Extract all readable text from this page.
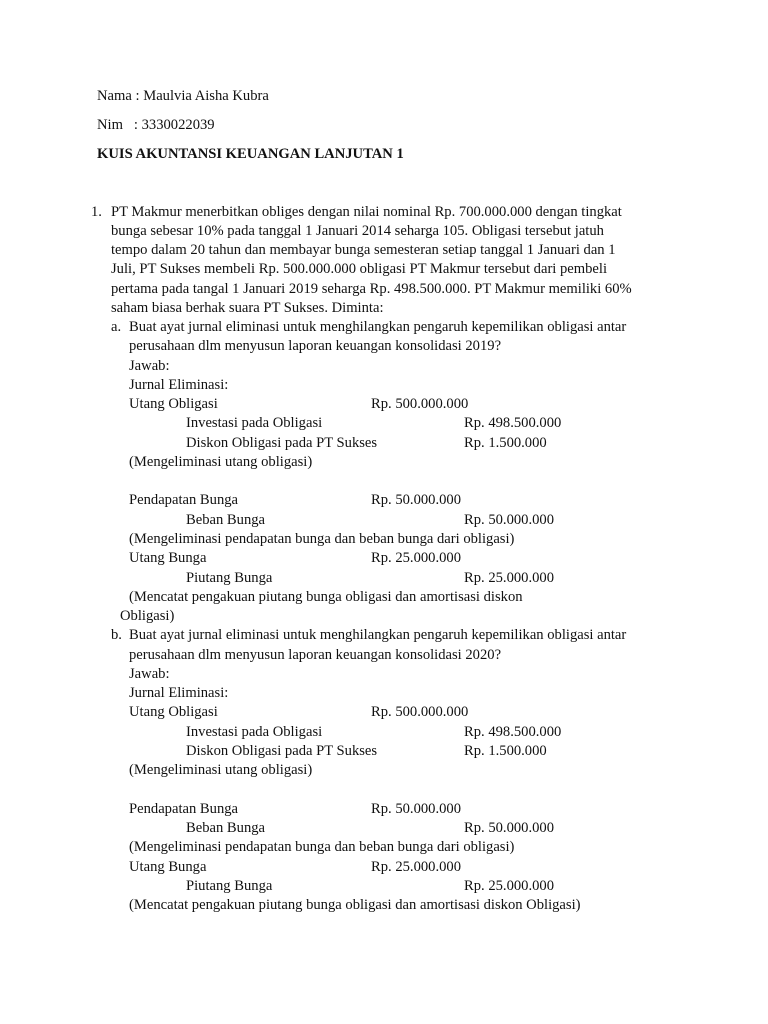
Nama : Maulvia Aisha Kubra
Nim   : 3330022039
KUIS AKUNTANSI KEUANGAN LANJUTAN 1
1. PT Makmur menerbitkan obliges dengan nilai nominal Rp. 700.000.000 dengan tingkat
bunga sebesar 10% pada tanggal 1 Januari 2014 seharga 105. Obligasi tersebut jatuh
tempo dalam 20 tahun dan membayar bunga semesteran setiap tanggal 1 Januari dan 1
Juli, PT Sukses membeli Rp. 500.000.000 obligasi PT Makmur tersebut dari pembeli
pertama pada tangal 1 Januari 2019 seharga Rp. 498.500.000. PT Makmur memiliki 60%
saham biasa berhak suara PT Sukses. Diminta:
a. Buat ayat jurnal eliminasi untuk menghilangkan pengaruh kepemilikan obligasi antar
perusahaan dlm menyusun laporan keuangan konsolidasi 2019?
Jawab:
Jurnal Eliminasi:
Utang Obligasi	Rp. 500.000.000
Investasi pada Obligasi	Rp. 498.500.000
Diskon Obligasi pada PT Sukses	Rp. 1.500.000
(Mengeliminasi utang obligasi)
Pendapatan Bunga	Rp. 50.000.000
Beban Bunga	Rp. 50.000.000
(Mengeliminasi pendapatan bunga dan beban bunga dari obligasi)
Utang Bunga	Rp. 25.000.000
Piutang Bunga	Rp. 25.000.000
(Mencatat pengakuan piutang bunga obligasi dan amortisasi diskon
Obligasi)
b. Buat ayat jurnal eliminasi untuk menghilangkan pengaruh kepemilikan obligasi antar
perusahaan dlm menyusun laporan keuangan konsolidasi 2020?
Jawab:
Jurnal Eliminasi:
Utang Obligasi	Rp. 500.000.000
Investasi pada Obligasi	Rp. 498.500.000
Diskon Obligasi pada PT Sukses	Rp. 1.500.000
(Mengeliminasi utang obligasi)
Pendapatan Bunga	Rp. 50.000.000
Beban Bunga	Rp. 50.000.000
(Mengeliminasi pendapatan bunga dan beban bunga dari obligasi)
Utang Bunga	Rp. 25.000.000
Piutang Bunga	Rp. 25.000.000
(Mencatat pengakuan piutang bunga obligasi dan amortisasi diskon Obligasi)
